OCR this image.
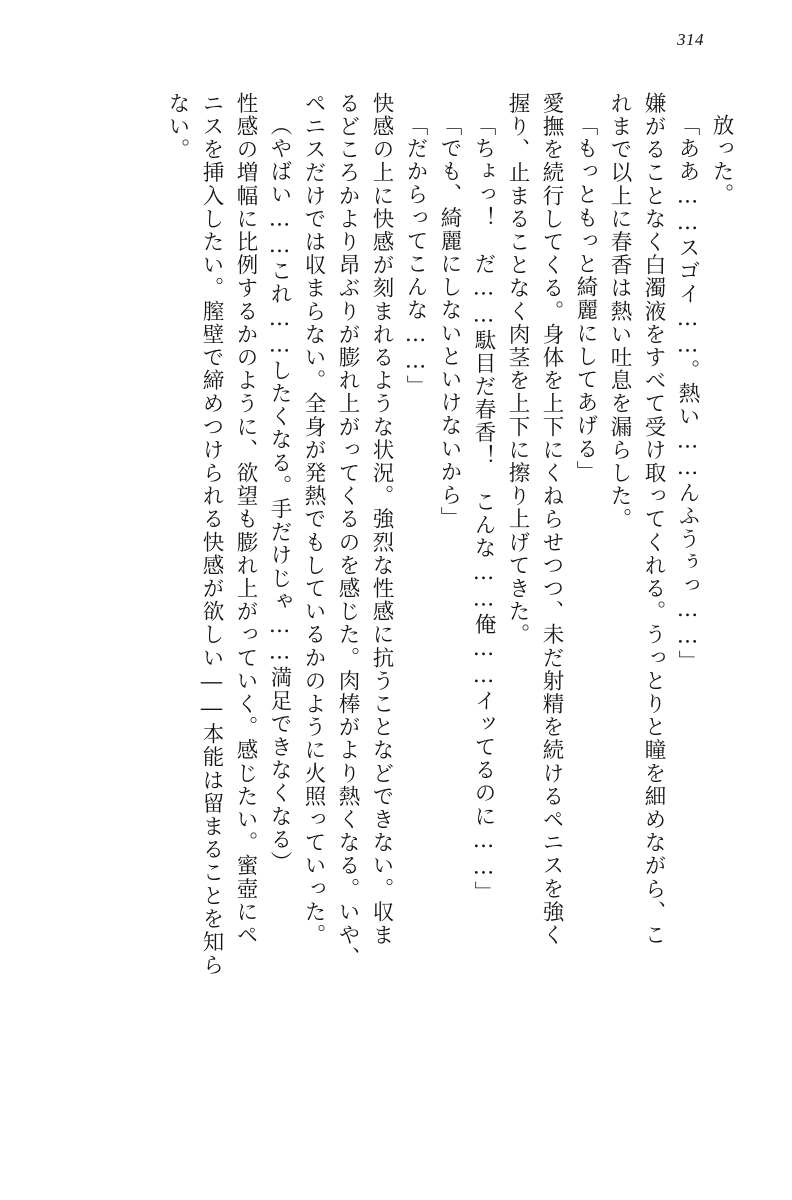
314
放った。
「ああ……スゴイ……。熱い……んふうぅっ……」
嫌がることなく白濁液をすべて受け取ってくれる。うっとりと瞳を細めながら、こ
れまで以上に春香は熱い吐息を漏らした。
「もっともっと綺麗にしてあげる」
愛撫を続行してくる。身体を上下にくねらせつつ、未だ射精を続けるペニスを強く
握り、止まることなく肉茎を上下に擦り上げてきた。
「ちょっ！　だ……駄目だ春香！　こんな……俺……イッてるのに……」
「でも、綺麗にしないといけないから」
「だからってこんな……」
快感の上に快感が刻まれるような状況。強烈な性感に抗うことなどできない。収ま
るどころかより昂ぶりが膨れ上がってくるのを感じた。肉棒がより熱くなる。いや、
ペニスだけでは収まらない。全身が発熱でもしているかのように火照っていった。
（やばい……これ……したくなる。手だけじゃ……満足できなくなる）
性感の増幅に比例するかのように、欲望も膨れ上がっていく。感じたい。蜜壺にペ
ニスを挿入したい。膣壁で締めつけられる快感が欲しい――本能は留まることを知ら
ない。
